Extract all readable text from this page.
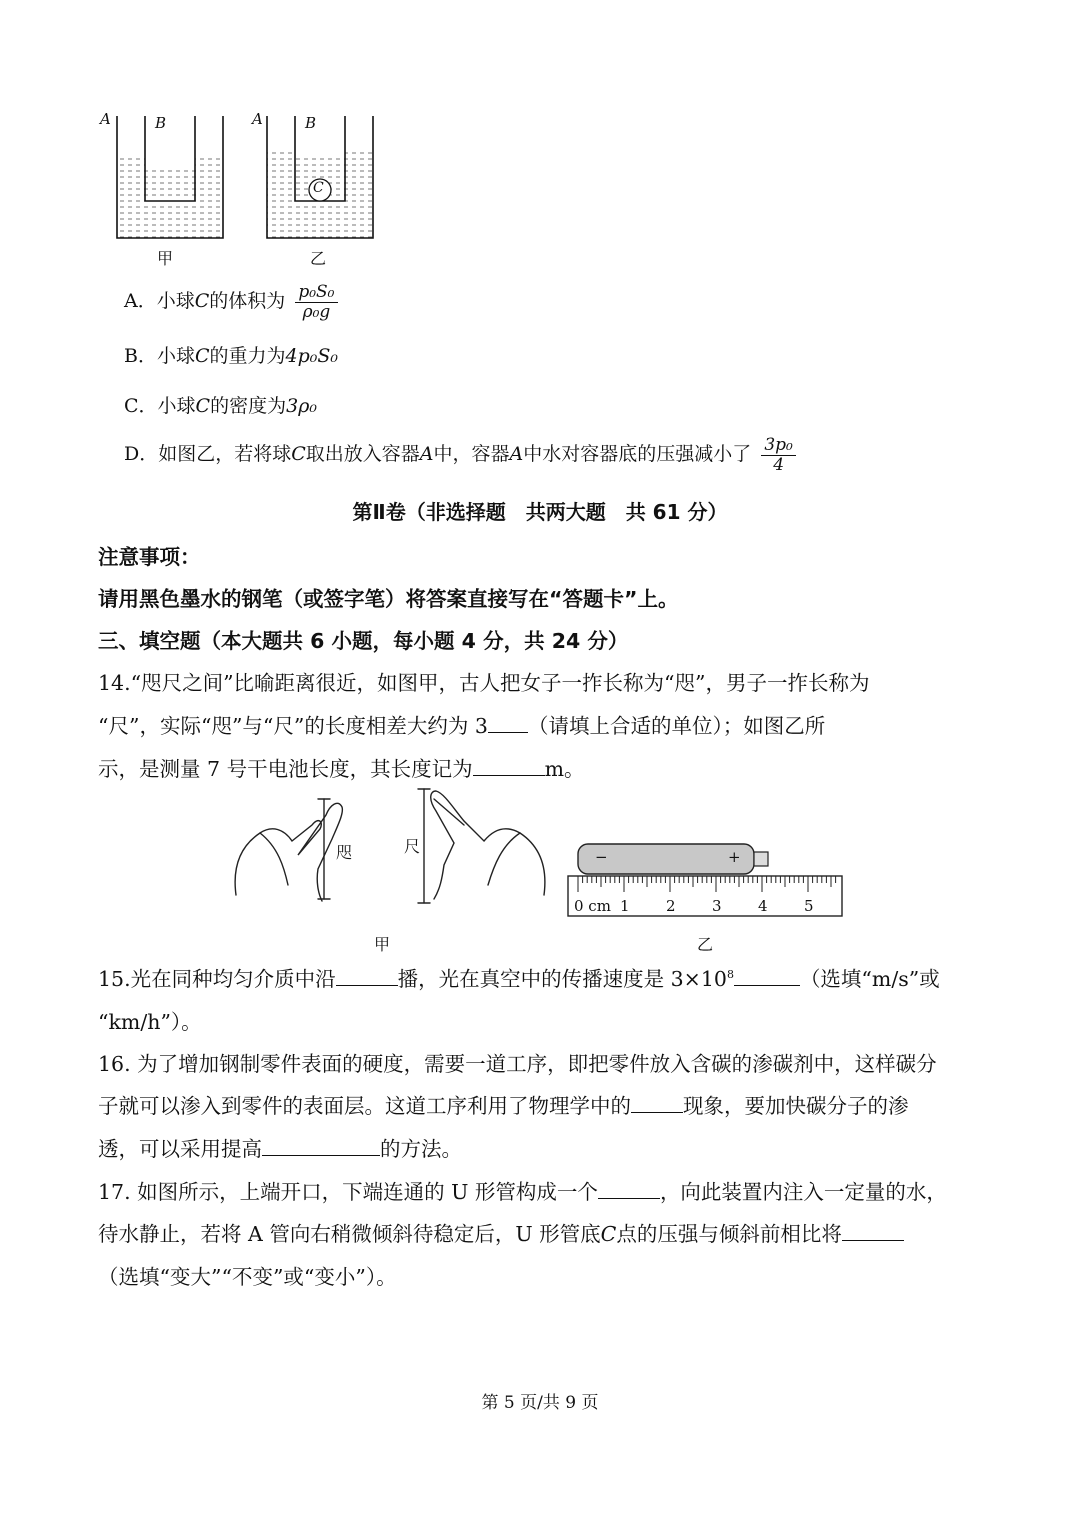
A	B	A	B
C
甲	乙
A．小球C的体积为 $\frac{\text{p₀S₀}}{\text{ρ₀g}}$
B．小球C的重力为4p₀S₀
C．小球C的密度为3ρ₀
D．如图乙，若将球C取出放入容器A中，容器A中水对容器底的压强减小了 $\frac{\text{3p₀}}{4}$
第Ⅱ卷（非选择题　共两大题　共 61 分）
注意事项：
请用黑色墨水的钢笔（或签字笔）将答案直接写在“答题卡”上。
三、填空题（本大题共 6 小题，每小题 4 分，共 24 分）
14.“咫尺之间”比喻距离很近，如图甲，古人把女子一拃长称为“咫”，男子一拃长称为
“尺”，实际“咫”与“尺”的长度相差大约为 3 （请填上合适的单位）；如图乙所
示，是测量 7 号干电池长度，其长度记为	m。
咫	尺
−	+
0 cm 1 2 3 4 5
甲	乙
15.光在同种均匀介质中沿	播，光在真空中的传播速度是 $3\times 10^8$	（选填“m/s”或
“km/h”）。
16. 为了增加钢制零件表面的硬度，需要一道工序，即把零件放入含碳的渗碳剂中，这样碳分
子就可以渗入到零件的表面层。这道工序利用了物理学中的	现象，要加快碳分子的渗
透，可以采用提高	的方法。
17. 如图所示，上端开口，下端连通的 U 形管构成一个	，向此装置内注入一定量的水，
待水静止，若将 A 管向右稍微倾斜待稳定后，U 形管底C点的压强与倾斜前相比将
（选填“变大”“不变”或“变小”）。
第 5 页/共 9 页
